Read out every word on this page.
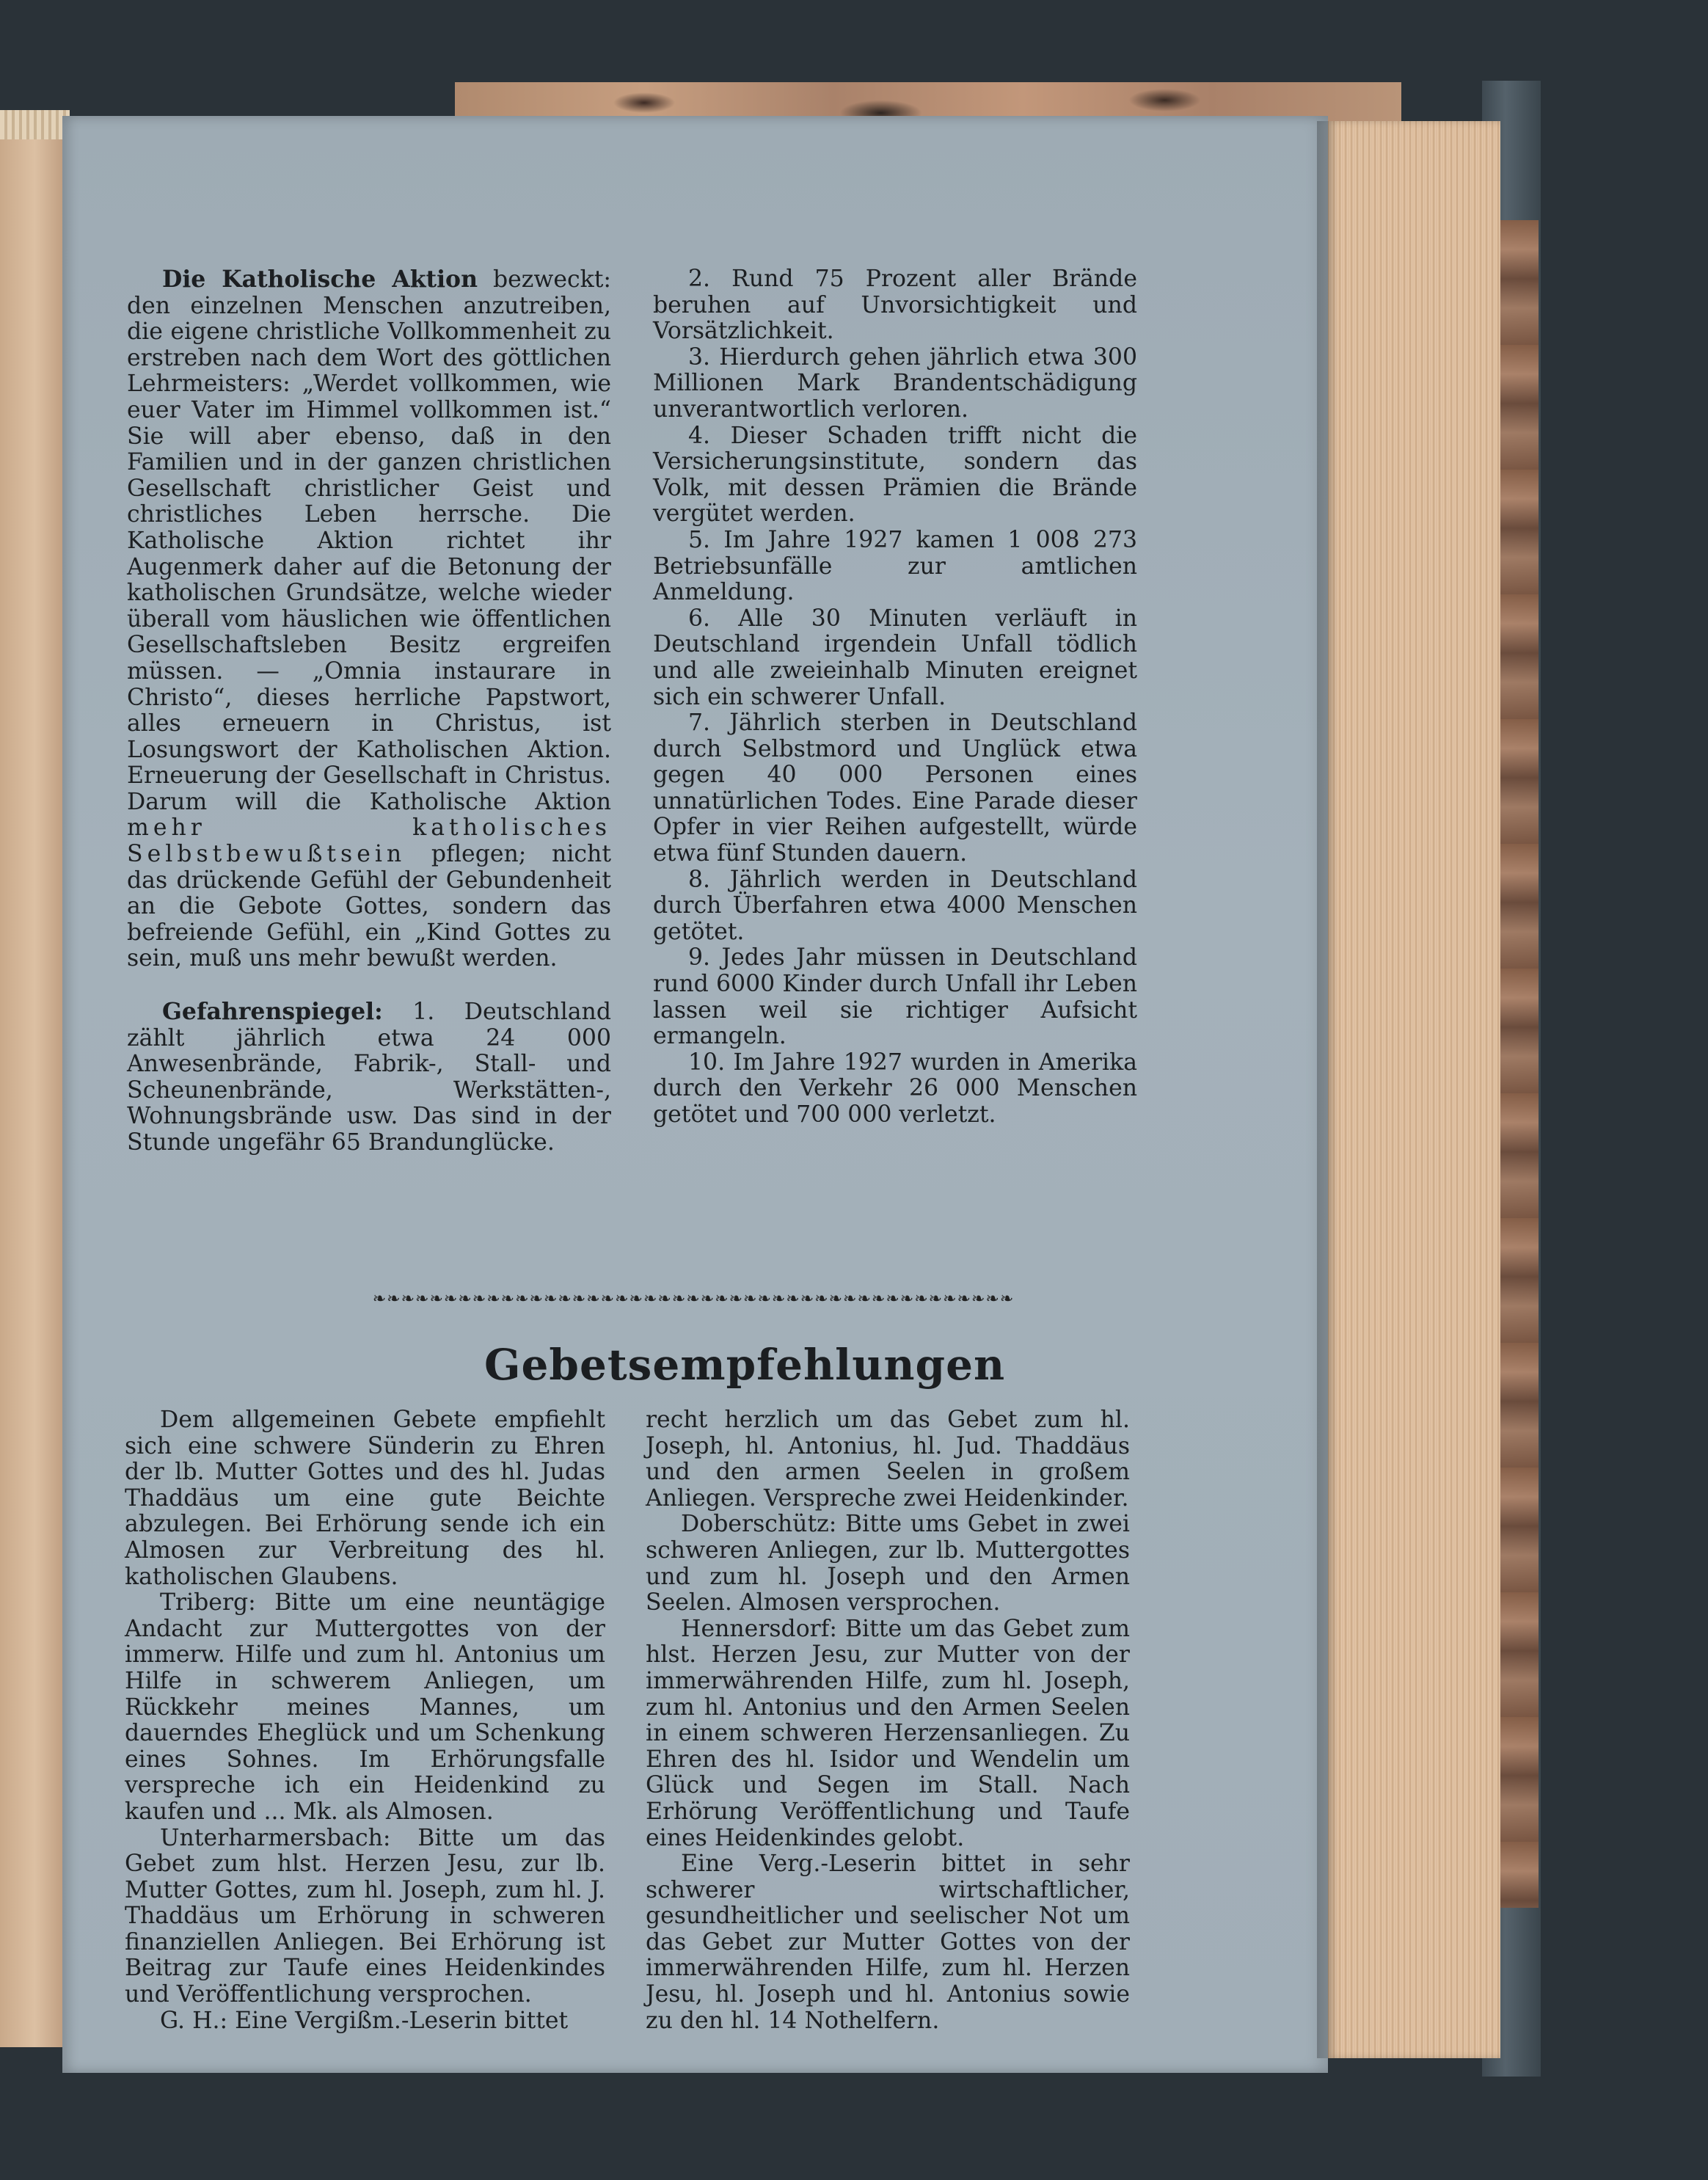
Die Katholische Aktion bezweckt: den einzelnen Menschen anzutreiben, die eigene christliche Vollkommenheit zu erstreben nach dem Wort des göttlichen Lehrmeisters: „Werdet vollkommen, wie euer Vater im Himmel vollkommen ist.“ Sie will aber ebenso, daß in den Familien und in der ganzen christlichen Gesellschaft christlicher Geist und christliches Leben herrsche. Die Katholische Aktion richtet ihr Augenmerk daher auf die Betonung der katholischen Grundsätze, welche wieder überall vom häuslichen wie öffentlichen Gesellschaftsleben Besitz ergreifen müssen. — „Omnia instaurare in Christo“, dieses herrliche Papstwort, alles erneuern in Christus, ist Losungswort der Katholischen Aktion. Erneuerung der Gesellschaft in Christus. Darum will die Katholische Aktion mehr katholisches Selbstbewußtsein pflegen; nicht das drückende Gefühl der Gebundenheit an die Gebote Gottes, sondern das befreiende Gefühl, ein „Kind Gottes zu sein, muß uns mehr bewußt werden.

Gefahrenspiegel: 1. Deutschland zählt jährlich etwa 24 000 Anwesenbrände, Fabrik-, Stall- und Scheunenbrände, Werkstätten-, Wohnungsbrände usw. Das sind in der Stunde ungefähr 65 Brandunglücke.

2. Rund 75 Prozent aller Brände beruhen auf Unvorsichtigkeit und Vorsätzlichkeit.

3. Hierdurch gehen jährlich etwa 300 Millionen Mark Brandentschädigung unverantwortlich verloren.

4. Dieser Schaden trifft nicht die Versicherungsinstitute, sondern das Volk, mit dessen Prämien die Brände vergütet werden.

5. Im Jahre 1927 kamen 1 008 273 Betriebsunfälle zur amtlichen Anmeldung.

6. Alle 30 Minuten verläuft in Deutschland irgendein Unfall tödlich und alle zweieinhalb Minuten ereignet sich ein schwerer Unfall.

7. Jährlich sterben in Deutschland durch Selbstmord und Unglück etwa gegen 40 000 Personen eines unnatürlichen Todes. Eine Parade dieser Opfer in vier Reihen aufgestellt, würde etwa fünf Stunden dauern.

8. Jährlich werden in Deutschland durch Überfahren etwa 4000 Menschen getötet.

9. Jedes Jahr müssen in Deutschland rund 6000 Kinder durch Unfall ihr Leben lassen weil sie richtiger Aufsicht ermangeln.

10. Im Jahre 1927 wurden in Amerika durch den Verkehr 26 000 Menschen getötet und 700 000 verletzt.

❧❧❧❧❧❧❧❧❧❧❧❧❧❧❧❧❧❧❧❧❧❧❧❧❧❧❧❧❧❧❧❧❧❧❧❧❧❧❧❧❧❧❧❧❧
Gebetsempfehlungen

Dem allgemeinen Gebete empfiehlt sich eine schwere Sünderin zu Ehren der lb. Mutter Gottes und des hl. Judas Thaddäus um eine gute Beichte abzulegen. Bei Erhörung sende ich ein Almosen zur Verbreitung des hl. katholischen Glaubens.

Triberg: Bitte um eine neuntägige Andacht zur Muttergottes von der immerw. Hilfe und zum hl. Antonius um Hilfe in schwerem Anliegen, um Rückkehr meines Mannes, um dauerndes Eheglück und um Schenkung eines Sohnes. Im Erhörungsfalle verspreche ich ein Heidenkind zu kaufen und ... Mk. als Almosen.

Unterharmersbach: Bitte um das Gebet zum hlst. Herzen Jesu, zur lb. Mutter Gottes, zum hl. Joseph, zum hl. J. Thaddäus um Erhörung in schweren finanziellen Anliegen. Bei Erhörung ist Beitrag zur Taufe eines Heidenkindes und Veröffentlichung versprochen.

G. H.: Eine Vergißm.-Leserin bittet

recht herzlich um das Gebet zum hl. Joseph, hl. Antonius, hl. Jud. Thaddäus und den armen Seelen in großem Anliegen. Verspreche zwei Heidenkinder.

Doberschütz: Bitte ums Gebet in zwei schweren Anliegen, zur lb. Muttergottes und zum hl. Joseph und den Armen Seelen. Almosen versprochen.

Hennersdorf: Bitte um das Gebet zum hlst. Herzen Jesu, zur Mutter von der immerwährenden Hilfe, zum hl. Joseph, zum hl. Antonius und den Armen Seelen in einem schweren Herzensanliegen. Zu Ehren des hl. Isidor und Wendelin um Glück und Segen im Stall. Nach Erhörung Veröffentlichung und Taufe eines Heidenkindes gelobt.

Eine Verg.-Leserin bittet in sehr schwerer wirtschaftlicher, gesundheitlicher und seelischer Not um das Gebet zur Mutter Gottes von der immerwährenden Hilfe, zum hl. Herzen Jesu, hl. Joseph und hl. Antonius sowie zu den hl. 14 Nothelfern.
